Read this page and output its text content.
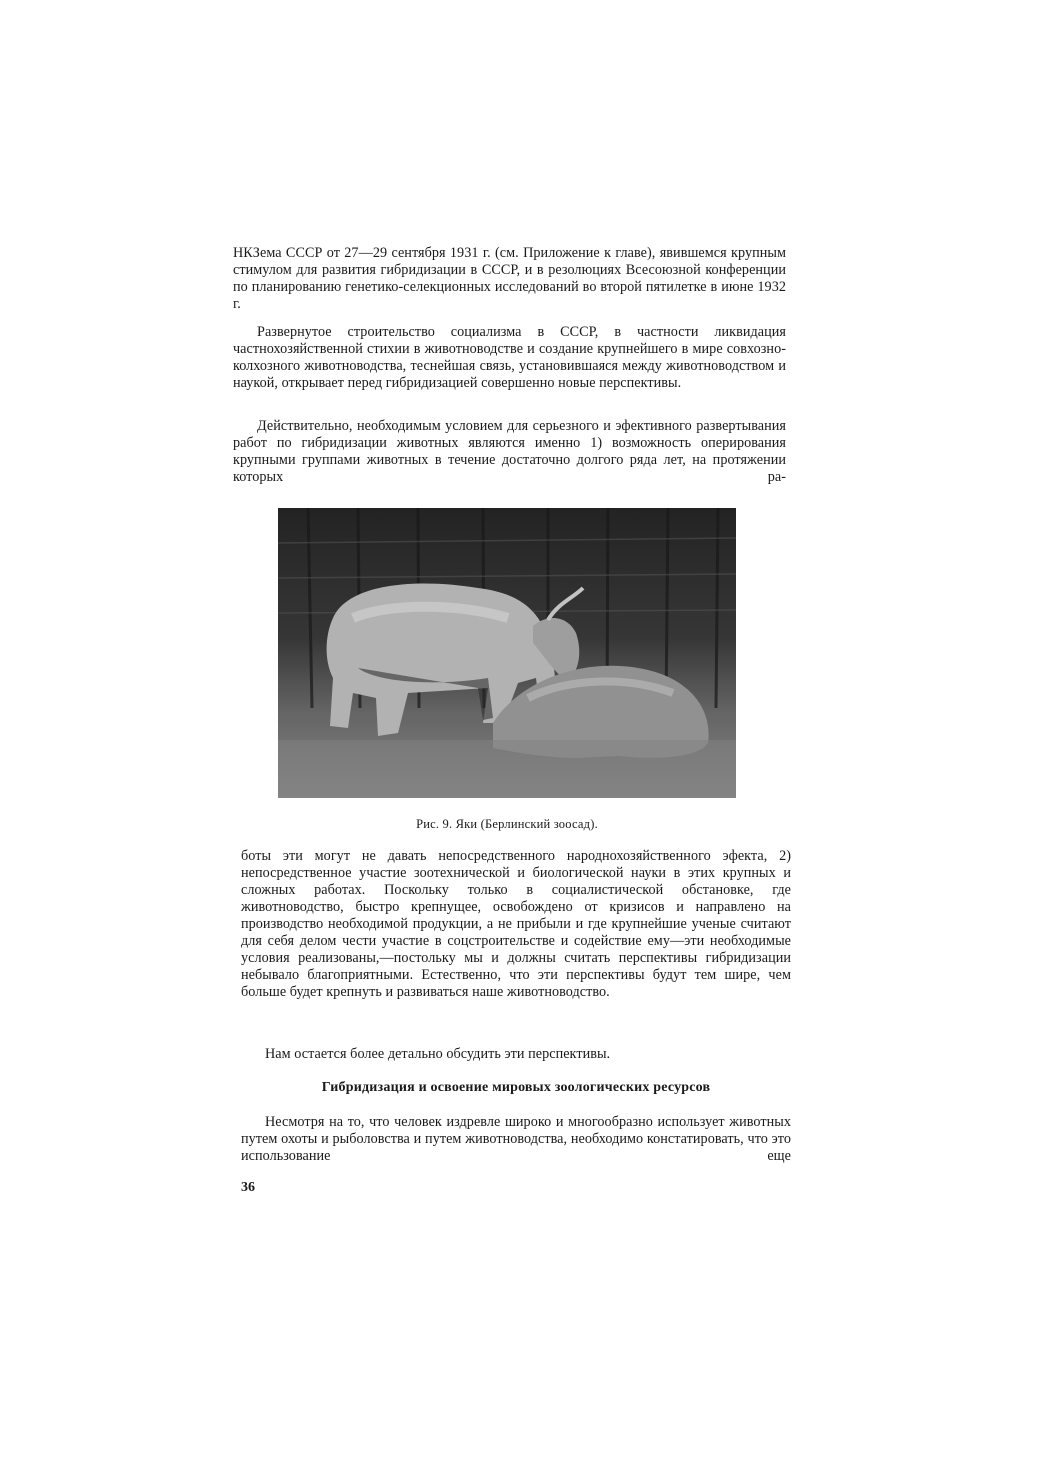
НКЗема СССР от 27—29 сентября 1931 г. (см. Приложение к главе), явившемся крупным стимулом для развития гибридизации в СССР, и в резолюциях Всесоюзной конференции по планированию генетико-селекционных исследований во второй пятилетке в июне 1932 г.

Развернутое строительство социализма в СССР, в частности ликвидация частнохозяйственной стихии в животноводстве и создание крупнейшего в мире совхозно-колхозного животноводства, теснейшая связь, установившаяся между животноводством и наукой, открывает перед гибридизацией совершенно новые перспективы.

Действительно, необходимым условием для серьезного и эфективного развертывания работ по гибридизации животных являются именно 1) возможность оперирования крупными группами животных в течение достаточно долгого ряда лет, на протяжении которых ра-

Рис. 9. Яки (Берлинский зоосад).

боты эти могут не давать непосредственного народнохозяйственного эфекта, 2) непосредственное участие зоотехнической и биологической науки в этих крупных и сложных работах. Поскольку только в социалистической обстановке, где животноводство, быстро крепнущее, освобождено от кризисов и направлено на производство необходимой продукции, а не прибыли и где крупнейшие ученые считают для себя делом чести участие в соцстроительстве и содействие ему—эти необходимые условия реализованы,—постольку мы и должны считать перспективы гибридизации небывало благоприятными. Естественно, что эти перспективы будут тем шире, чем больше будет крепнуть и развиваться наше животноводство.

Нам остается более детально обсудить эти перспективы.

Гибридизация и освоение мировых зоологических ресурсов

Несмотря на то, что человек издревле широко и многообразно использует животных путем охоты и рыболовства и путем животноводства, необходимо констатировать, что это использование еще

36
